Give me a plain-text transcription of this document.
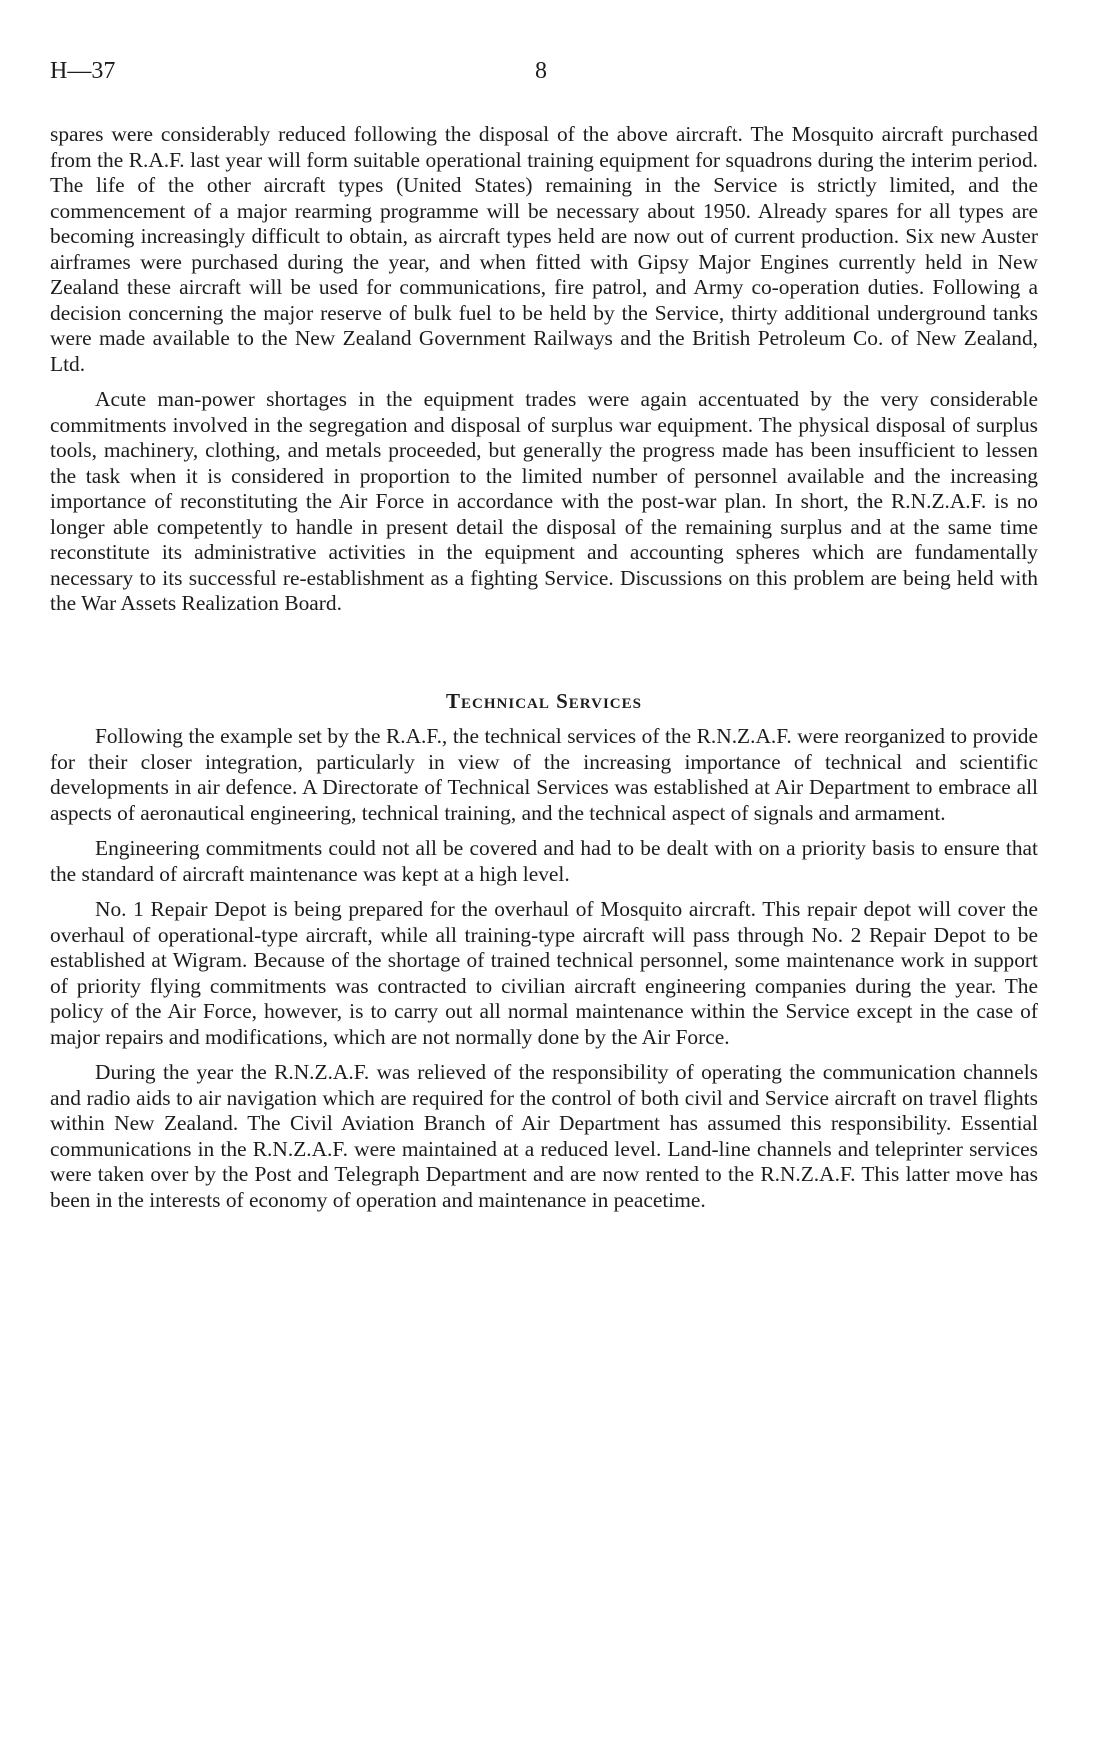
H—37	8

spares were considerably reduced following the disposal of the above aircraft. The Mosquito aircraft purchased from the R.A.F. last year will form suitable operational training equipment for squadrons during the interim period. The life of the other aircraft types (United States) remaining in the Service is strictly limited, and the commencement of a major rearming programme will be necessary about 1950. Already spares for all types are becoming increasingly difficult to obtain, as aircraft types held are now out of current production. Six new Auster airframes were purchased during the year, and when fitted with Gipsy Major Engines currently held in New Zealand these aircraft will be used for communications, fire patrol, and Army co-operation duties. Following a decision concerning the major reserve of bulk fuel to be held by the Service, thirty additional underground tanks were made available to the New Zealand Government Railways and the British Petroleum Co. of New Zealand, Ltd.

Acute man-power shortages in the equipment trades were again accentuated by the very considerable commitments involved in the segregation and disposal of surplus war equipment. The physical disposal of surplus tools, machinery, clothing, and metals proceeded, but generally the progress made has been insufficient to lessen the task when it is considered in proportion to the limited number of personnel available and the increasing importance of reconstituting the Air Force in accordance with the post-war plan. In short, the R.N.Z.A.F. is no longer able competently to handle in present detail the disposal of the remaining surplus and at the same time reconstitute its administrative activities in the equipment and accounting spheres which are fundamentally necessary to its successful re-establishment as a fighting Service. Discussions on this problem are being held with the War Assets Realization Board.

Technical Services

Following the example set by the R.A.F., the technical services of the R.N.Z.A.F. were reorganized to provide for their closer integration, particularly in view of the increasing importance of technical and scientific developments in air defence. A Directorate of Technical Services was established at Air Department to embrace all aspects of aeronautical engineering, technical training, and the technical aspect of signals and armament.

Engineering commitments could not all be covered and had to be dealt with on a priority basis to ensure that the standard of aircraft maintenance was kept at a high level.

No. 1 Repair Depot is being prepared for the overhaul of Mosquito aircraft. This repair depot will cover the overhaul of operational-type aircraft, while all training-type aircraft will pass through No. 2 Repair Depot to be established at Wigram. Because of the shortage of trained technical personnel, some maintenance work in support of priority flying commitments was contracted to civilian aircraft engineering companies during the year. The policy of the Air Force, however, is to carry out all normal maintenance within the Service except in the case of major repairs and modifications, which are not normally done by the Air Force.

During the year the R.N.Z.A.F. was relieved of the responsibility of operating the communication channels and radio aids to air navigation which are required for the control of both civil and Service aircraft on travel flights within New Zealand. The Civil Aviation Branch of Air Department has assumed this responsibility. Essential communications in the R.N.Z.A.F. were maintained at a reduced level. Land-line channels and teleprinter services were taken over by the Post and Telegraph Department and are now rented to the R.N.Z.A.F. This latter move has been in the interests of economy of operation and maintenance in peacetime.
